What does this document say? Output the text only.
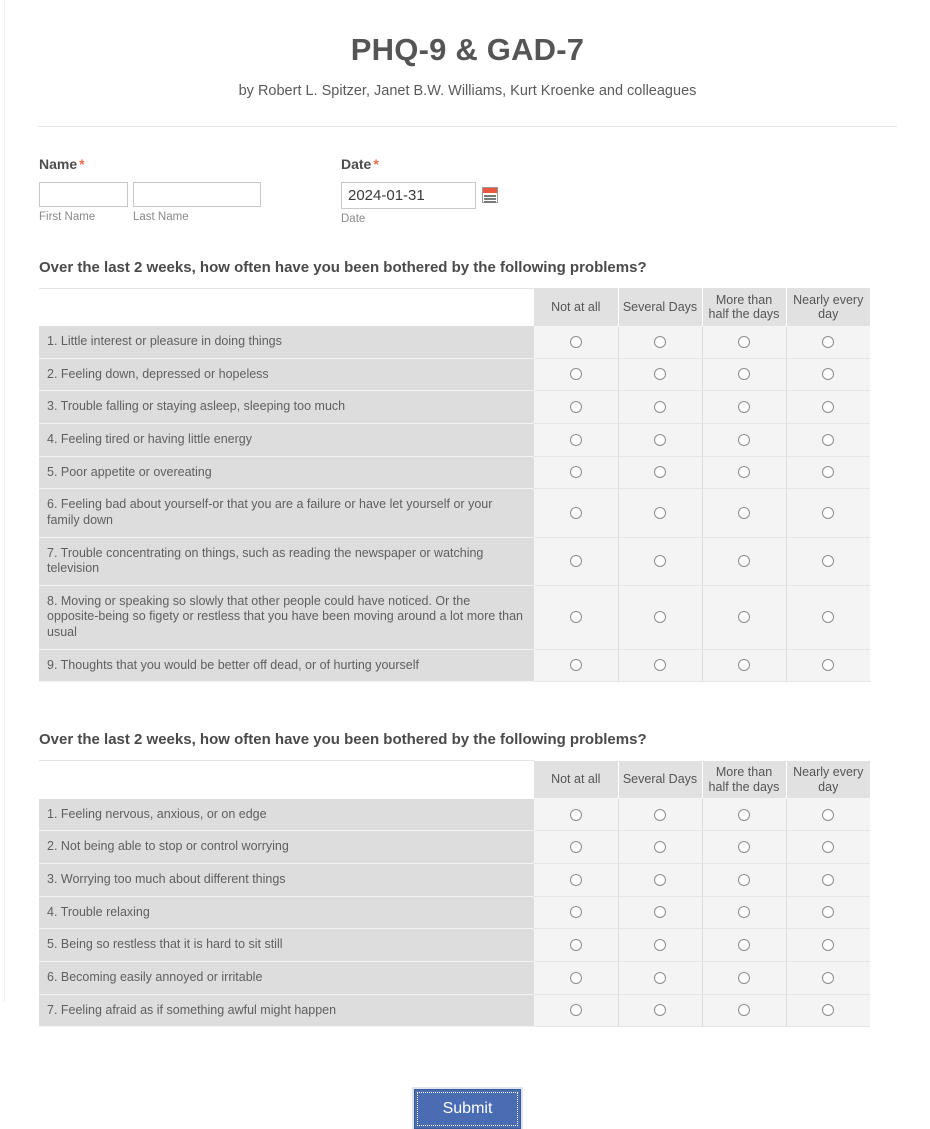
PHQ-9 & GAD-7

by Robert L. Spitzer, Janet B.W. Williams, Kurt Kroenke and colleagues

Name *
First Name	Last Name
Date *
2024-01-31
Date
Over the last 2 weeks, how often have you been bothered by the following problems?
	Not at all	Several Days	More than half the days	Nearly every day
1. Little interest or pleasure in doing things				
2. Feeling down, depressed or hopeless				
3. Trouble falling or staying asleep, sleeping too much				
4. Feeling tired or having little energy				
5. Poor appetite or overeating				
6. Feeling bad about yourself-or that you are a failure or have let yourself or your family down				
7. Trouble concentrating on things, such as reading the newspaper or watching television				
8. Moving or speaking so slowly that other people could have noticed. Or the opposite-being so figety or restless that you have been moving around a lot more than usual				
9. Thoughts that you would be better off dead, or of hurting yourself				
Over the last 2 weeks, how often have you been bothered by the following problems?
	Not at all	Several Days	More than half the days	Nearly every day
1. Feeling nervous, anxious, or on edge				
2. Not being able to stop or control worrying				
3. Worrying too much about different things				
4. Trouble relaxing				
5. Being so restless that it is hard to sit still				
6. Becoming easily annoyed or irritable				
7. Feeling afraid as if something awful might happen				
Submit
